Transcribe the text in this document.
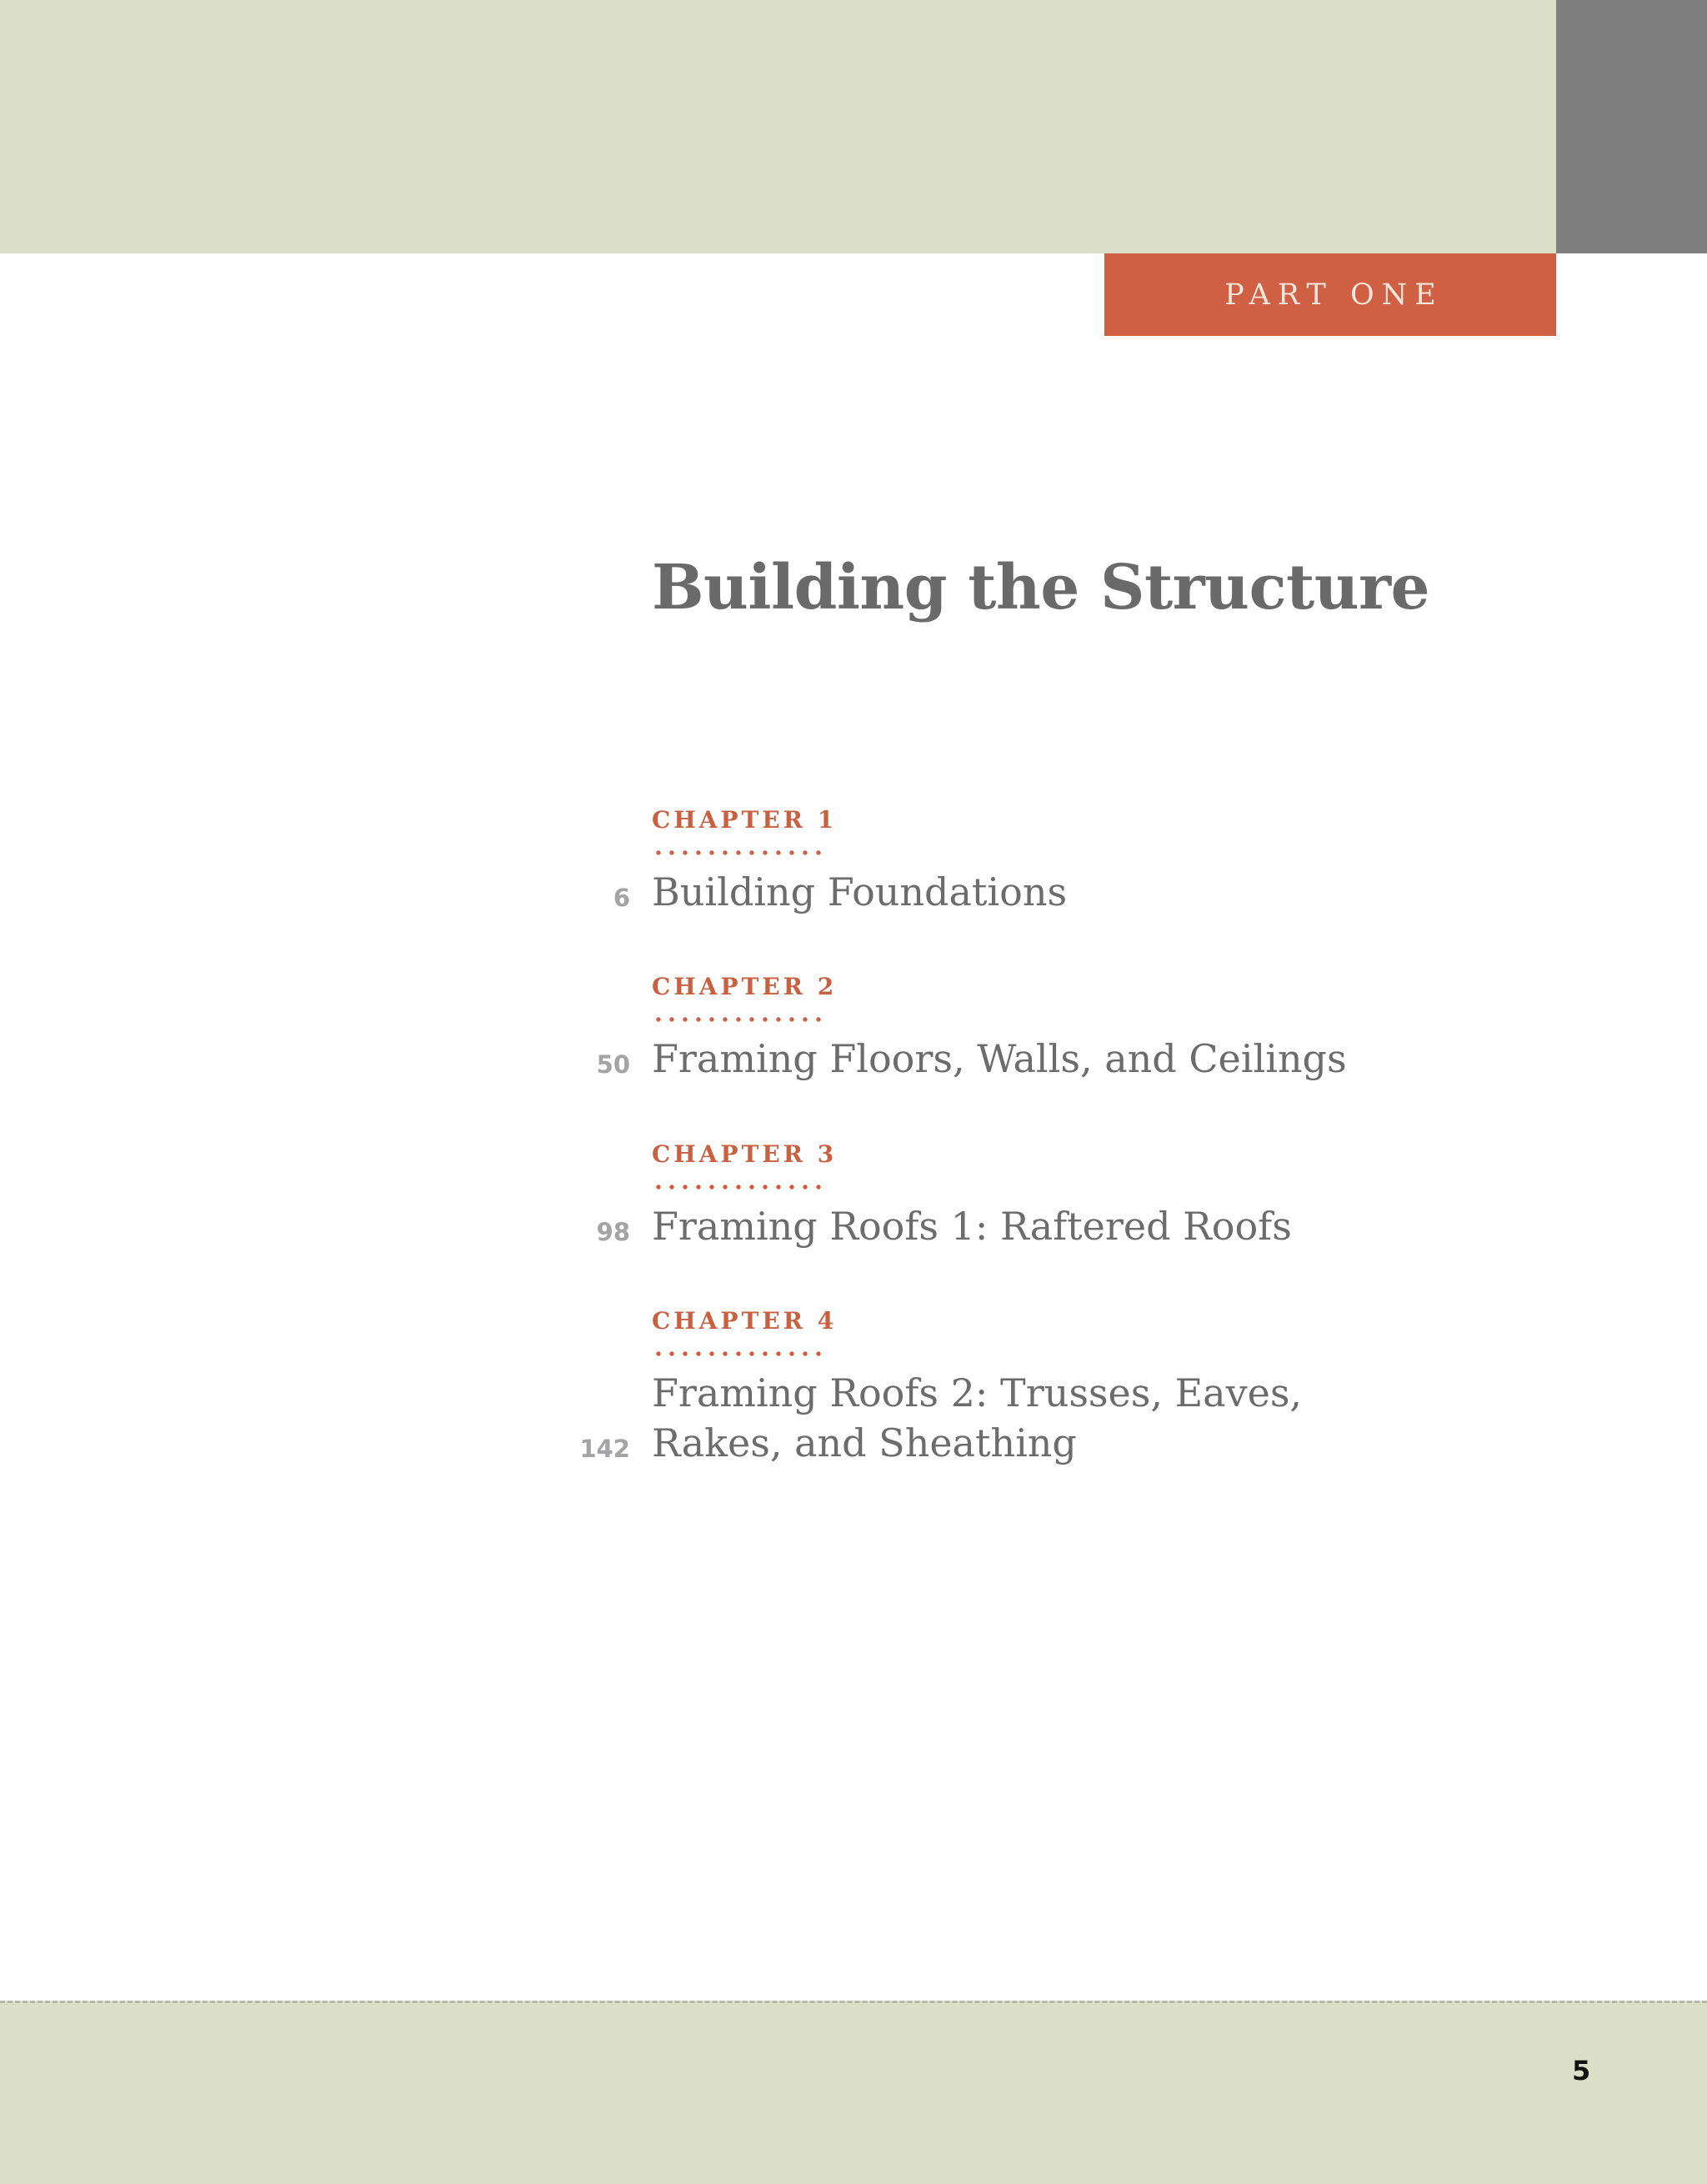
PART ONE
Building the Structure
CHAPTER 1
6 Building Foundations
CHAPTER 2
50 Framing Floors, Walls, and Ceilings
CHAPTER 3
98 Framing Roofs 1: Raftered Roofs
CHAPTER 4
142
Framing Roofs 2: Trusses, Eaves,
Rakes, and Sheathing
5
